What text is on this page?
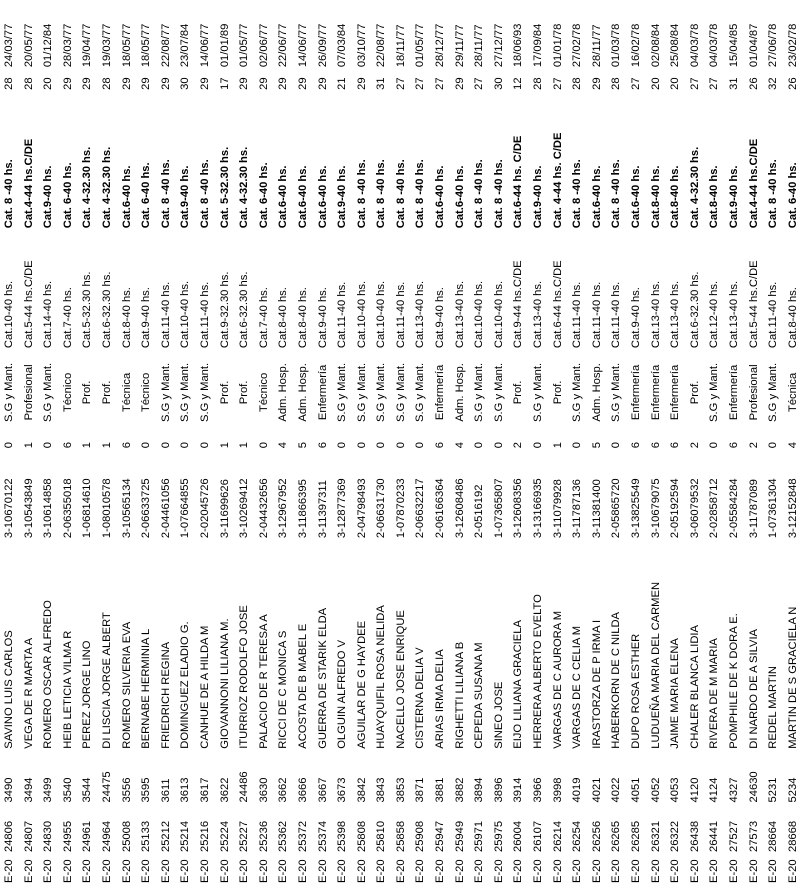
E-20	24806	3490	SAVINO LUIS CARLOS	3-10670122	0	S.G y Mant.	Cat.10-40 hs.	Cat. 8 -40 hs.	28	24/03/77
E-20	24807	3494	VEGA DE R MARTA A	3-10543849	1	Profesional	Cat.5-44 hs.C/DE	Cat.4-44 hs.C/DE	28	20/05/77
E-20	24830	3499	ROMERO OSCAR ALFREDO	3-10614858	0	S.G y Mant.	Cat.14-40 hs.	Cat.9-40 hs.	20	01/12/84
E-20	24955	3540	HEIB LETICIA VILMA R	2-06355018	6	Técnico	Cat.7-40 hs.	Cat. 6-40 hs.	29	28/03/77
E-20	24961	3544	PEREZ JORGE LINO	1-06814610	1	Prof.	Cat.5-32.30 hs.	Cat. 4-32.30 hs.	29	19/04/77
E-20	24964	24475	DI LISCIA JORGE ALBERT	1-08010578	1	Prof.	Cat.6-32.30 hs.	Cat. 4-32.30 hs.	28	19/03/77
E-20	25008	3556	ROMERO SILVERIA EVA	3-10565134	6	Técnica	Cat.8-40 hs.	Cat.6-40 hs.	29	18/05/77
E-20	25133	3595	BERNABE HERMINIA L	2-06633725	0	Técnico	Cat.9-40 hs.	Cat. 6-40 hs.	29	18/05/77
E-20	25212	3611	FRIEDRICH REGINA	2-04461056	0	S.G y Mant.	Cat.11-40 hs.	Cat. 8 -40 hs.	29	22/08/77
E-20	25214	3613	DOMINGUEZ ELADIO G.	1-07664855	0	S.G y Mant.	Cat.10-40 hs.	Cat.9-40 hs.	30	23/07/84
E-20	25216	3617	CANHUE DE A HILDA M	2-02045726	0	S.G y Mant.	Cat.11-40 hs.	Cat. 8 -40 hs.	29	14/06/77
E-20	25224	3622	GIOVANNONI LILIANA M.	3-11699626	1	Prof.	Cat.9-32.30 hs.	Cat. 5-32.30 hs.	17	01/01/89
E-20	25227	24486	ITURRIOZ RODOLFO JOSE	3-10269412	1	Prof.	Cat.6-32.30 hs.	Cat. 4-32.30 hs.	29	01/05/77
E-20	25236	3630	PALACIO DE R TERESA A	2-04432656	0	Técnico	Cat.7-40 hs.	Cat. 6-40 hs.	29	02/06/77
E-20	25362	3662	RICCI DE C MONICA S	3-12967952	4	Adm. Hosp.	Cat.8-40 hs.	Cat.6-40 hs.	29	22/06/77
E-20	25372	3666	ACOSTA DE B MABEL E	3-11866395	5	Adm. Hosp.	Cat.8-40 hs.	Cat.6-40 hs.	29	14/06/77
E-20	25374	3667	GUERRA DE STARIK ELDA	3-11397311	6	Enfermería	Cat.9-40 hs.	Cat.6-40 hs.	29	26/09/77
E-20	25398	3673	OLGUIN ALFREDO V	3-12877369	0	S.G y Mant.	Cat.11-40 hs.	Cat.9-40 hs.	21	07/03/84
E-20	25808	3842	AGUILAR DE G HAYDEE	2-04798493	0	S.G y Mant.	Cat.10-40 hs.	Cat. 8 -40 hs.	29	03/10/77
E-20	25810	3843	HUAYQUIFIL ROSA NELIDA	2-06631730	0	S.G y Mant.	Cat.10-40 hs.	Cat. 8 -40 hs.	31	22/08/77
E-20	25858	3853	NACELLO JOSE ENRIQUE	1-07870233	0	S.G y Mant.	Cat.11-40 hs.	Cat. 8 -40 hs.	27	18/11/77
E-20	25908	3871	CISTERNA DELIA V	2-06632217	0	S.G y Mant.	Cat.13-40 hs.	Cat. 8 -40 hs.	27	01/05/77
E-20	25947	3881	ARIAS IRMA DELIA	2-06166364	6	Enfermería	Cat.9-40 hs.	Cat.6-40 hs.	27	28/12/77
E-20	25949	3882	RIGHETTI LILIANA B	3-12608486	4	Adm. Hosp.	Cat.13-40 hs.	Cat.6-40 hs.	29	29/11/77
E-20	25971	3894	CEPEDA SUSANA M	2-0516192	0	S.G y Mant.	Cat.10-40 hs.	Cat. 8 -40 hs.	27	28/11/77
E-20	25975	3896	SINEO JOSE	1-07365807	0	S.G y Mant.	Cat.10-40 hs.	Cat. 8 -40 hs.	30	27/12/77
E-20	26004	3914	EIJO LILIANA GRACIELA	3-12608356	2	Prof.	Cat.9-44 hs.C/DE	Cat.6-44 hs. C/DE	12	18/06/93
E-20	26107	3966	HERRERA ALBERTO EVELTO	3-13166935	0	S.G y Mant.	Cat.13-40 hs.	Cat.9-40 hs.	28	17/09/84
E-20	26214	3998	VARGAS DE C AURORA M	3-11079928	1	Prof.	Cat.6-44 hs.C/DE	Cat. 4-44 hs. C/DE	27	01/01/78
E-20	26254	4019	VARGAS DE C CELIA M	3-11787136	0	S.G y Mant.	Cat.11-40 hs.	Cat. 8 -40 hs.	28	27/02/78
E-20	26256	4021	IRASTORZA DE P IRMA I	3-11381400	5	Adm. Hosp.	Cat.11-40 hs.	Cat.6-40 hs.	29	28/11/77
E-20	26265	4022	HABERKORN DE C NILDA	2-05865720	0	S.G y Mant.	Cat.11-40 hs.	Cat. 8 -40 hs.	28	01/03/78
E-20	26285	4051	DUPO ROSA ESTHER	3-13825549	6	Enfermería	Cat.9-40 hs.	Cat.6-40 hs.	27	16/02/78
E-20	26321	4052	LUDUEÑA MARIA DEL CARMEN	3-10679075	6	Enfermería	Cat.13-40 hs.	Cat.8-40 hs.	20	02/08/84
E-20	26322	4053	JAIME MARIA ELENA	2-05192594	6	Enfermería	Cat.13-40 hs.	Cat.8-40 hs.	20	25/08/84
E-20	26438	4120	CHALER BLANCA LIDIA	3-06079532	2	Prof.	Cat.6-32.30 hs.	Cat. 4-32.30 hs.	27	04/03/78
E-20	26441	4124	RIVERA DE M MARIA	2-02858712	0	S.G y Mant.	Cat.12-40 hs.	Cat.8-40 hs.	27	04/03/78
E-20	27527	4327	POMPHILE DE K DORA E.	2-05584284	6	Enfermería	Cat.13-40 hs.	Cat.9-40 hs.	31	15/04/85
E-20	27573	24630	DI NARDO DE A SILVIA	3-11787089	2	Profesional	Cat.5-44 hs.C/DE	Cat.4-44 hs.C/DE	26	01/04/87
E-20	28664	5231	REDEL MARTIN	1-07361304	0	S.G y Mant.	Cat.11-40 hs.	Cat. 8 -40 hs.	32	27/06/78
E-20	28668	5234	MARTIN DE S GRACIELA N	3-12152848	4	Técnica	Cat.8-40 hs.	Cat. 6-40 hs.	26	23/02/78
